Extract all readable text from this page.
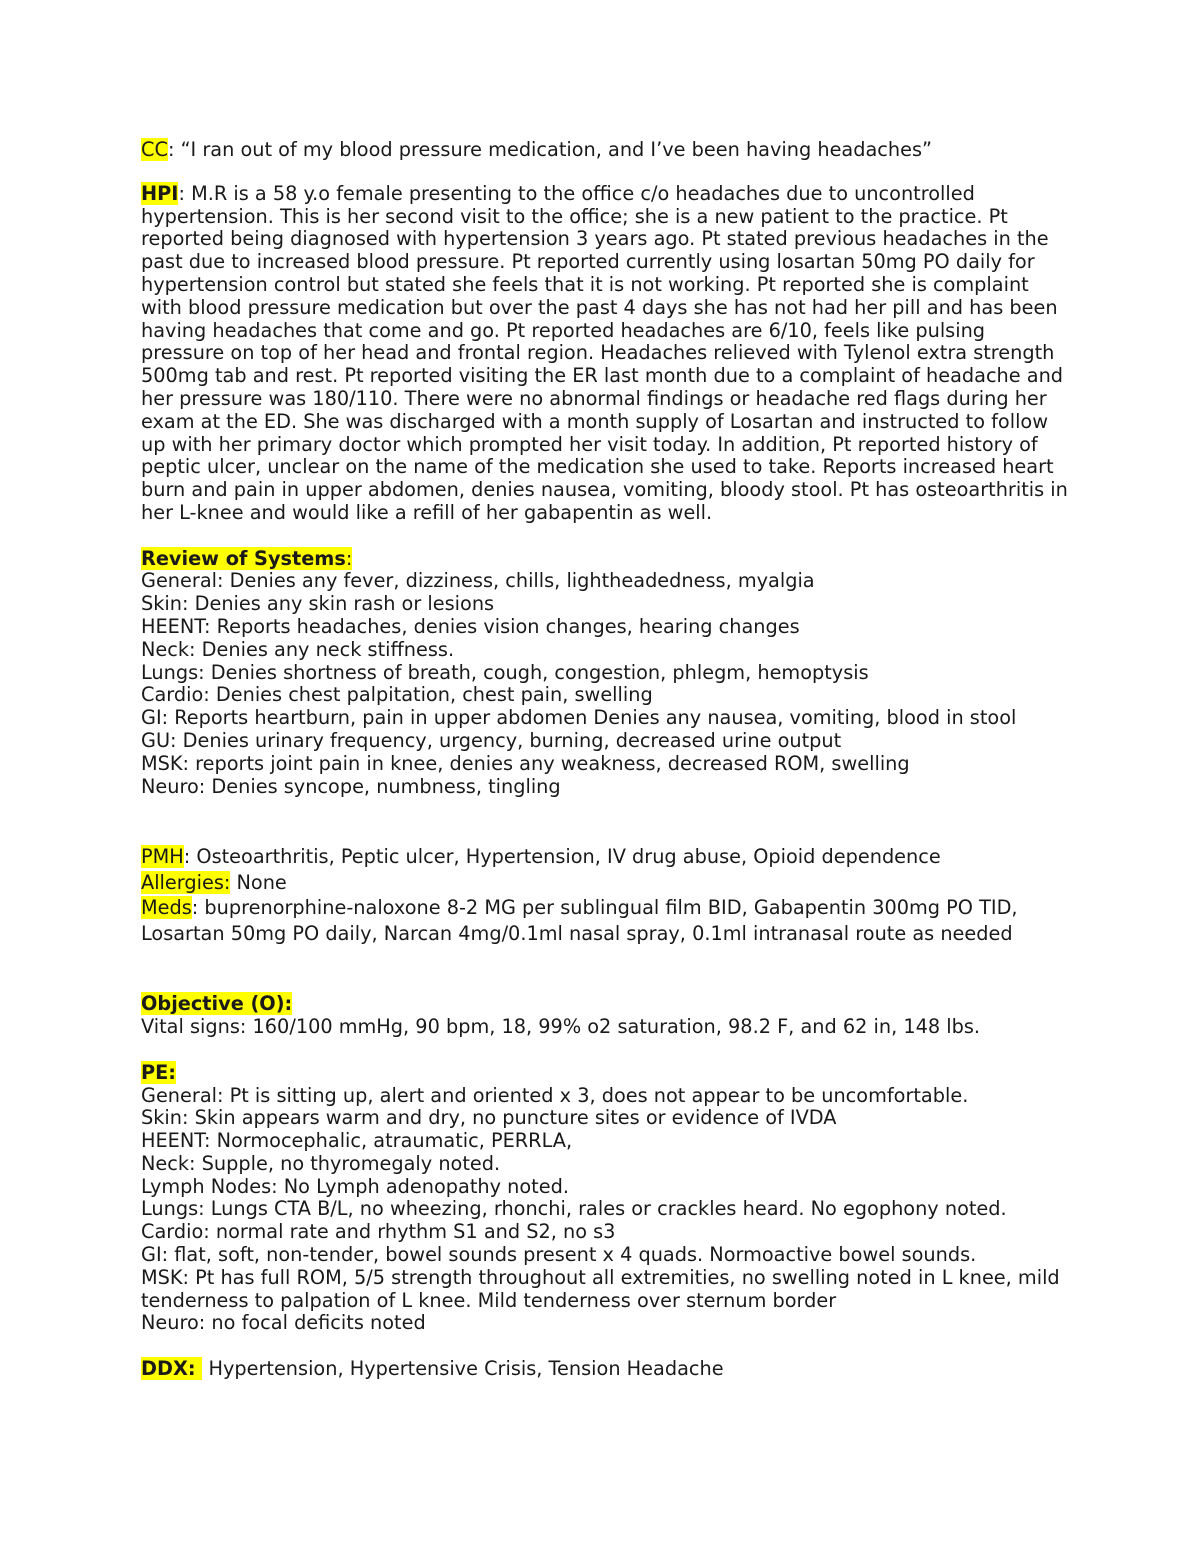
CC: “I ran out of my blood pressure medication, and I’ve been having headaches”

HPI: M.R is a 58 y.o female presenting to the office c/o headaches due to uncontrolled hypertension. This is her second visit to the office; she is a new patient to the practice. Pt reported being diagnosed with hypertension 3 years ago. Pt stated previous headaches in the past due to increased blood pressure. Pt reported currently using losartan 50mg PO daily for hypertension control but stated she feels that it is not working. Pt reported she is complaint with blood pressure medication but over the past 4 days she has not had her pill and has been having headaches that come and go. Pt reported headaches are 6/10, feels like pulsing pressure on top of her head and frontal region. Headaches relieved with Tylenol extra strength 500mg tab and rest. Pt reported visiting the ER last month due to a complaint of headache and her pressure was 180/110. There were no abnormal findings or headache red flags during her exam at the ED. She was discharged with a month supply of Losartan and instructed to follow up with her primary doctor which prompted her visit today. In addition, Pt reported history of peptic ulcer, unclear on the name of the medication she used to take. Reports increased heart burn and pain in upper abdomen, denies nausea, vomiting, bloody stool. Pt has osteoarthritis in her L-knee and would like a refill of her gabapentin as well.

Review of Systems:

General: Denies any fever, dizziness, chills, lightheadedness, myalgia
Skin: Denies any skin rash or lesions
HEENT: Reports headaches, denies vision changes, hearing changes
Neck: Denies any neck stiffness.
Lungs: Denies shortness of breath, cough, congestion, phlegm, hemoptysis
Cardio: Denies chest palpitation, chest pain, swelling
GI: Reports heartburn, pain in upper abdomen Denies any nausea, vomiting, blood in stool
GU: Denies urinary frequency, urgency, burning, decreased urine output
MSK: reports joint pain in knee, denies any weakness, decreased ROM, swelling
Neuro: Denies syncope, numbness, tingling

PMH: Osteoarthritis, Peptic ulcer, Hypertension, IV drug abuse, Opioid dependence

Allergies: None

Meds: buprenorphine-naloxone 8-2 MG per sublingual film BID, Gabapentin 300mg PO TID, Losartan 50mg PO daily, Narcan 4mg/0.1ml nasal spray, 0.1ml intranasal route as needed

Objective (O):

Vital signs: 160/100 mmHg, 90 bpm, 18, 99% o2 saturation, 98.2 F, and 62 in, 148 lbs.

PE:

General: Pt is sitting up, alert and oriented x 3, does not appear to be uncomfortable.
Skin: Skin appears warm and dry, no puncture sites or evidence of IVDA
HEENT: Normocephalic, atraumatic, PERRLA,
Neck: Supple, no thyromegaly noted.
Lymph Nodes: No Lymph adenopathy noted.
Lungs: Lungs CTA B/L, no wheezing, rhonchi, rales or crackles heard. No egophony noted.
Cardio: normal rate and rhythm S1 and S2, no s3
GI: flat, soft, non-tender, bowel sounds present x 4 quads. Normoactive bowel sounds.
MSK: Pt has full ROM, 5/5 strength throughout all extremities, no swelling noted in L knee, mild tenderness to palpation of L knee. Mild tenderness over sternum border
Neuro: no focal deficits noted

DDX:  Hypertension, Hypertensive Crisis, Tension Headache
